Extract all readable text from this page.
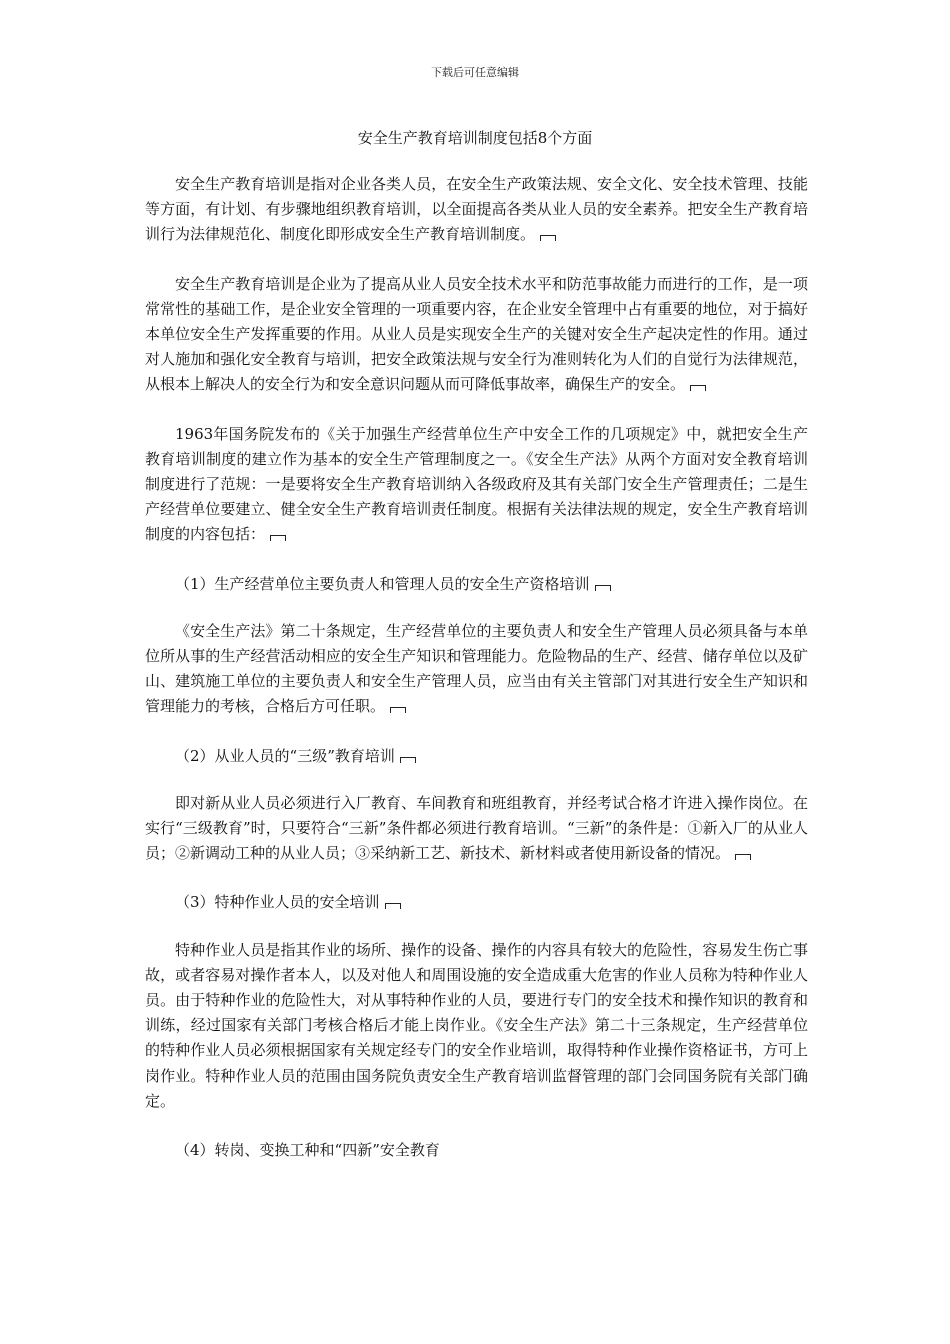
下载后可任意编辑
安全生产教育培训制度包括8个方面

安全生产教育培训是指对企业各类人员，在安全生产政策法规、安全文化、安全技术管理、技能等方面，有计划、有步骤地组织教育培训，以全面提高各类从业人员的安全素养。把安全生产教育培训行为法律规范化、制度化即形成安全生产教育培训制度。

安全生产教育培训是企业为了提高从业人员安全技术水平和防范事故能力而进行的工作，是一项常常性的基础工作，是企业安全管理的一项重要内容，在企业安全管理中占有重要的地位，对于搞好本单位安全生产发挥重要的作用。从业人员是实现安全生产的关键对安全生产起决定性的作用。通过对人施加和强化安全教育与培训，把安全政策法规与安全行为准则转化为人们的自觉行为法律规范，从根本上解决人的安全行为和安全意识问题从而可降低事故率，确保生产的安全。

1963年国务院发布的《关于加强生产经营单位生产中安全工作的几项规定》中，就把安全生产教育培训制度的建立作为基本的安全生产管理制度之一。《安全生产法》从两个方面对安全教育培训制度进行了范规：一是要将安全生产教育培训纳入各级政府及其有关部门安全生产管理责任；二是生产经营单位要建立、健全安全生产教育培训责任制度。根据有关法律法规的规定，安全生产教育培训制度的内容包括：

（1）生产经营单位主要负责人和管理人员的安全生产资格培训

《安全生产法》第二十条规定，生产经营单位的主要负责人和安全生产管理人员必须具备与本单位所从事的生产经营活动相应的安全生产知识和管理能力。危险物品的生产、经营、储存单位以及矿山、建筑施工单位的主要负责人和安全生产管理人员，应当由有关主管部门对其进行安全生产知识和管理能力的考核，合格后方可任职。

（2）从业人员的“三级”教育培训

即对新从业人员必须进行入厂教育、车间教育和班组教育，并经考试合格才许进入操作岗位。在实行“三级教育”时，只要符合“三新”条件都必须进行教育培训。“三新”的条件是：①新入厂的从业人员；②新调动工种的从业人员；③采纳新工艺、新技术、新材料或者使用新设备的情况。

（3）特种作业人员的安全培训

特种作业人员是指其作业的场所、操作的设备、操作的内容具有较大的危险性，容易发生伤亡事故，或者容易对操作者本人，以及对他人和周围设施的安全造成重大危害的作业人员称为特种作业人员。由于特种作业的危险性大，对从事特种作业的人员，要进行专门的安全技术和操作知识的教育和训练，经过国家有关部门考核合格后才能上岗作业。《安全生产法》第二十三条规定，生产经营单位的特种作业人员必须根据国家有关规定经专门的安全作业培训，取得特种作业操作资格证书，方可上岗作业。特种作业人员的范围由国务院负责安全生产教育培训监督管理的部门会同国务院有关部门确定。

（4）转岗、变换工种和“四新”安全教育
